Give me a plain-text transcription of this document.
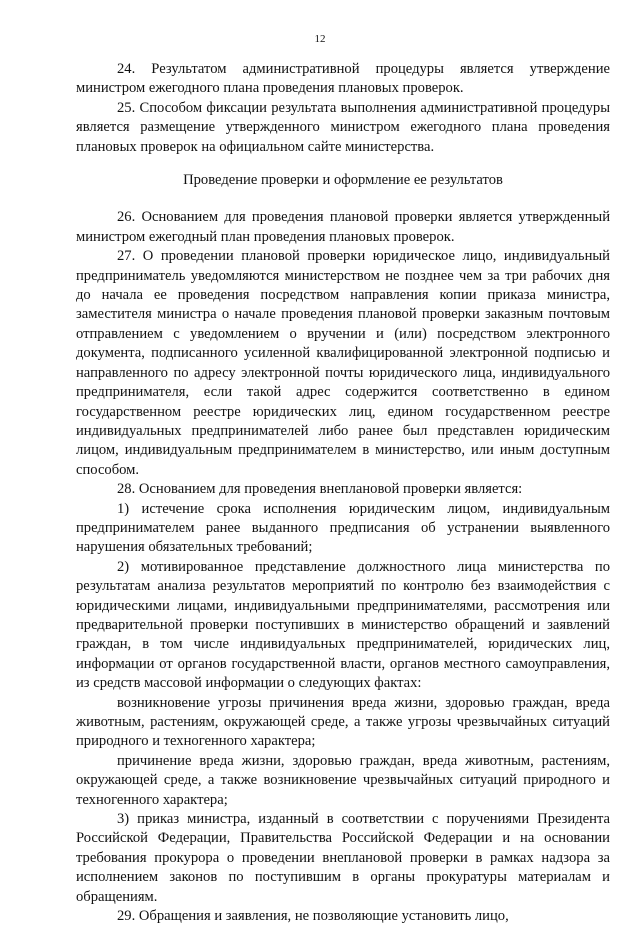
12

24. Результатом административной процедуры является утверждение министром ежегодного плана проведения плановых проверок.

25. Способом фиксации результата выполнения административной процедуры является размещение утвержденного министром ежегодного плана проведения плановых проверок на официальном сайте министерства.

Проведение проверки и оформление ее результатов

26. Основанием для проведения плановой проверки является утвержденный министром ежегодный план проведения плановых проверок.

27. О проведении плановой проверки юридическое лицо, индивидуальный предприниматель уведомляются министерством не позднее чем за три рабочих дня до начала ее проведения посредством направления копии приказа министра, заместителя министра о начале проведения плановой проверки заказным почтовым отправлением с уведомлением о вручении и (или) посредством электронного документа, подписанного усиленной квалифицированной электронной подписью и направленного по адресу электронной почты юридического лица, индивидуального предпринимателя, если такой адрес содержится соответственно в едином государственном реестре юридических лиц, едином государственном реестре индивидуальных предпринимателей либо ранее был представлен юридическим лицом, индивидуальным предпринимателем в министерство, или иным доступным способом.

28. Основанием для проведения внеплановой проверки является:

1) истечение срока исполнения юридическим лицом, индивидуальным предпринимателем ранее выданного предписания об устранении выявленного нарушения обязательных требований;

2) мотивированное представление должностного лица министерства по результатам анализа результатов мероприятий по контролю без взаимодействия с юридическими лицами, индивидуальными предпринимателями, рассмотрения или предварительной проверки поступивших в министерство обращений и заявлений граждан, в том числе индивидуальных предпринимателей, юридических лиц, информации от органов государственной власти, органов местного самоуправления, из средств массовой информации о следующих фактах:

возникновение угрозы причинения вреда жизни, здоровью граждан, вреда животным, растениям, окружающей среде, а также угрозы чрезвычайных ситуаций природного и техногенного характера;

причинение вреда жизни, здоровью граждан, вреда животным, растениям, окружающей среде, а также возникновение чрезвычайных ситуаций природного и техногенного характера;

3) приказ министра, изданный в соответствии с поручениями Президента Российской Федерации, Правительства Российской Федерации и на основании требования прокурора о проведении внеплановой проверки в рамках надзора за исполнением законов по поступившим в органы прокуратуры материалам и обращениям.

29. Обращения и заявления, не позволяющие установить лицо,
